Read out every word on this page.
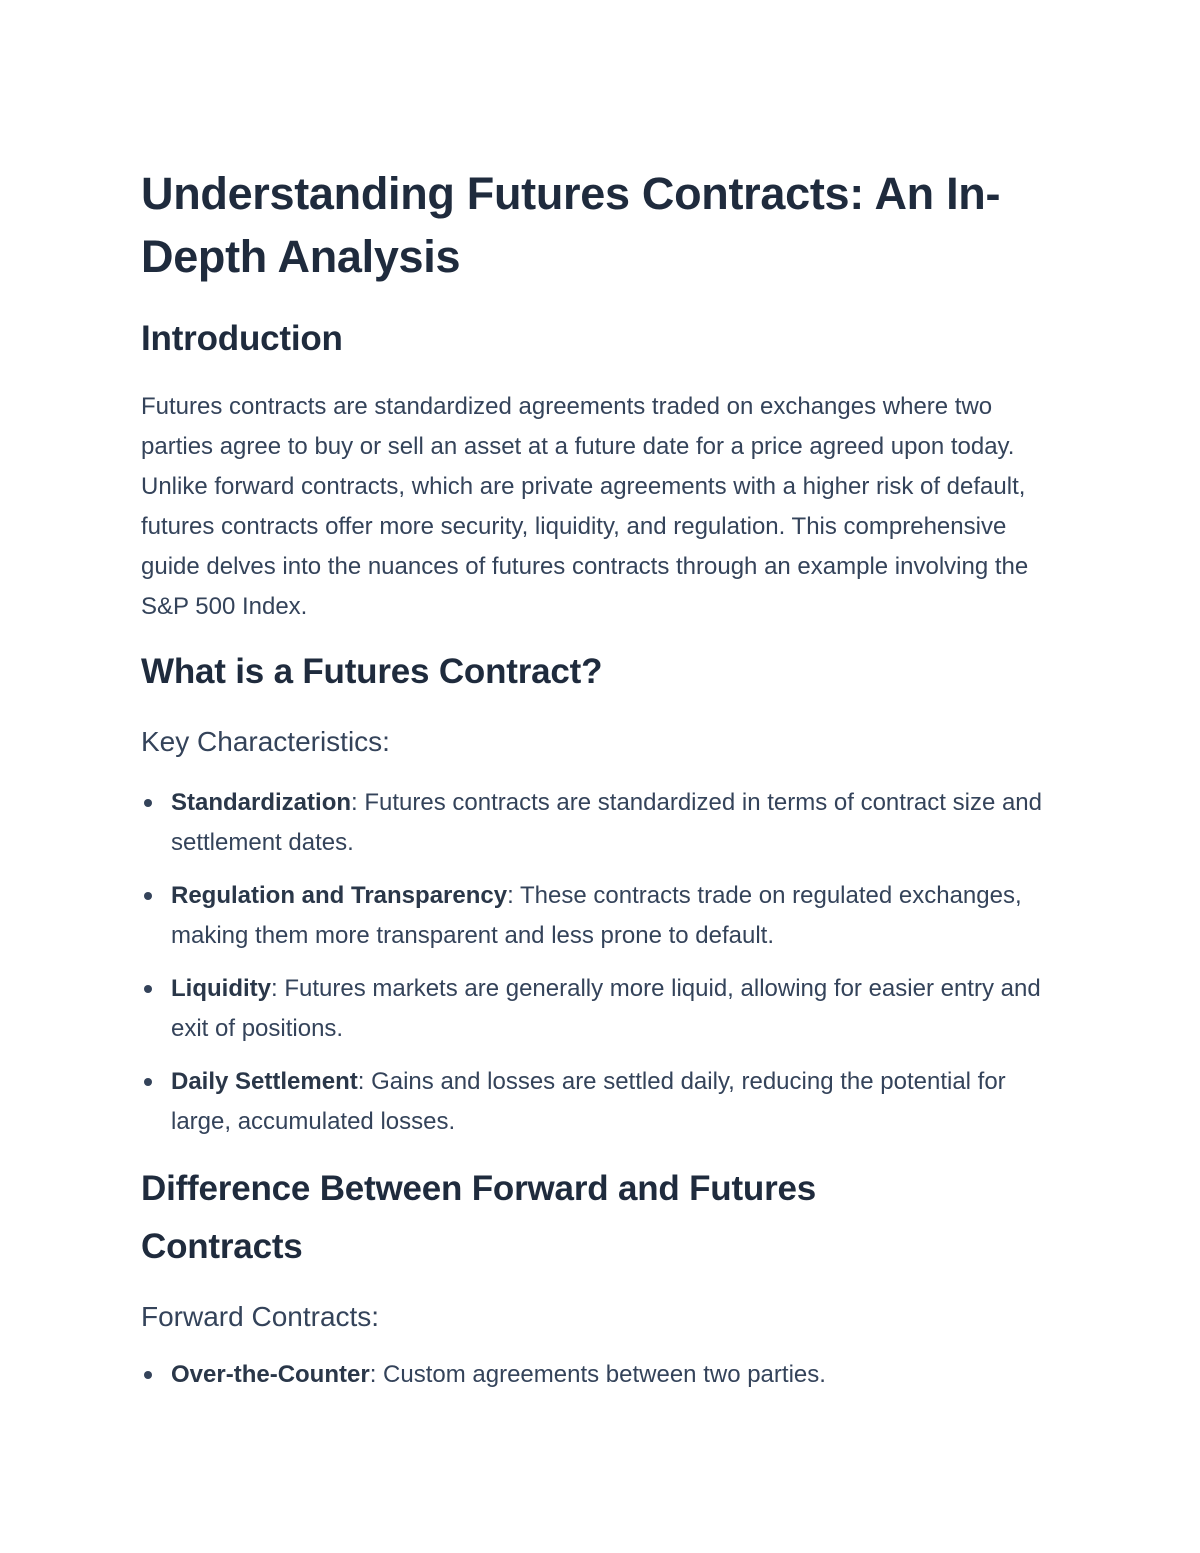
Understanding Futures Contracts: An In-Depth Analysis
Introduction

Futures contracts are standardized agreements traded on exchanges where two parties agree to buy or sell an asset at a future date for a price agreed upon today. Unlike forward contracts, which are private agreements with a higher risk of default, futures contracts offer more security, liquidity, and regulation. This comprehensive guide delves into the nuances of futures contracts through an example involving the S&P 500 Index.

What is a Futures Contract?
Key Characteristics:
Standardization: Futures contracts are standardized in terms of contract size and settlement dates.
Regulation and Transparency: These contracts trade on regulated exchanges, making them more transparent and less prone to default.
Liquidity: Futures markets are generally more liquid, allowing for easier entry and exit of positions.
Daily Settlement: Gains and losses are settled daily, reducing the potential for large, accumulated losses.
Difference Between Forward and Futures Contracts
Forward Contracts:
Over-the-Counter: Custom agreements between two parties.
